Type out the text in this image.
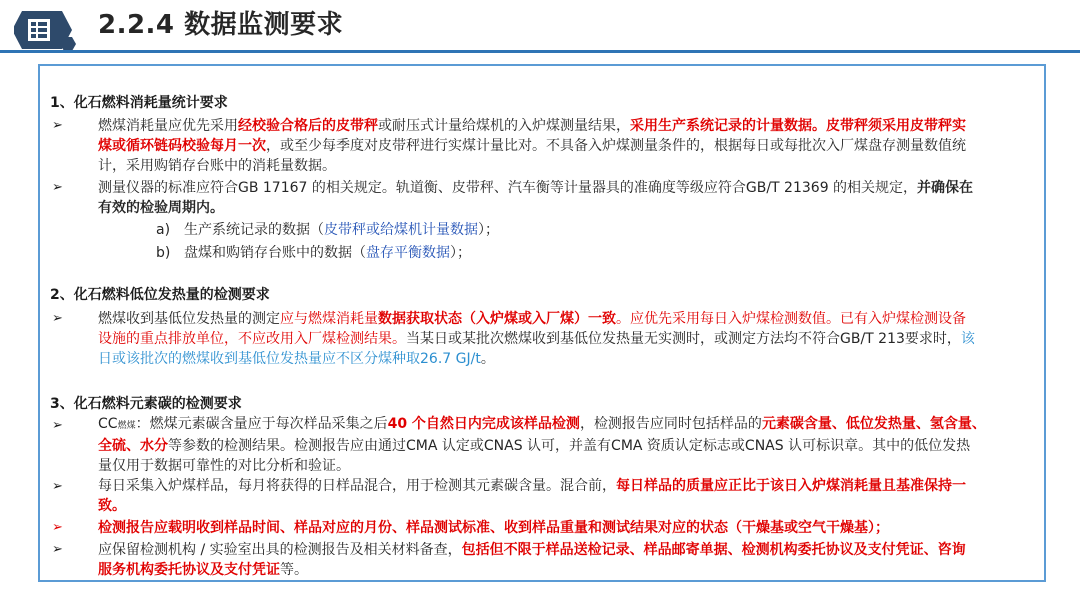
2.2.4 数据监测要求
1、化石燃料消耗量统计要求
➢	燃煤消耗量应优先采用经校验合格后的皮带秤或耐压式计量给煤机的入炉煤测量结果，采用生产系统记录的计量数据。皮带秤须采用皮带秤实
煤或循环链码校验每月一次，或至少每季度对皮带秤进行实煤计量比对。不具备入炉煤测量条件的，根据每日或每批次入厂煤盘存测量数值统
计，采用购销存台账中的消耗量数据。
➢	测量仪器的标准应符合GB 17167 的相关规定。轨道衡、皮带秤、汽车衡等计量器具的准确度等级应符合GB/T 21369 的相关规定，并确保在
有效的检验周期内。
a) 生产系统记录的数据（皮带秤或给煤机计量数据）；
b) 盘煤和购销存台账中的数据（盘存平衡数据）；
2、化石燃料低位发热量的检测要求
➢	燃煤收到基低位发热量的测定应与燃煤消耗量数据获取状态（入炉煤或入厂煤）一致。应优先采用每日入炉煤检测数值。已有入炉煤检测设备
设施的重点排放单位，不应改用入厂煤检测结果。当某日或某批次燃煤收到基低位发热量无实测时，或测定方法均不符合GB/T 213要求时，该
日或该批次的燃煤收到基低位发热量应不区分煤种取26.7 GJ/t。
3、化石燃料元素碳的检测要求
➢	CC燃煤：燃煤元素碳含量应于每次样品采集之后40 个自然日内完成该样品检测，检测报告应同时包括样品的元素碳含量、低位发热量、氢含量、
全硫、水分等参数的检测结果。检测报告应由通过CMA 认定或CNAS 认可，并盖有CMA 资质认定标志或CNAS 认可标识章。其中的低位发热
量仅用于数据可靠性的对比分析和验证。
➢	每日采集入炉煤样品，每月将获得的日样品混合，用于检测其元素碳含量。混合前，每日样品的质量应正比于该日入炉煤消耗量且基准保持一
致。
➢	检测报告应载明收到样品时间、样品对应的月份、样品测试标准、收到样品重量和测试结果对应的状态（干燥基或空气干燥基）；
➢	应保留检测机构 / 实验室出具的检测报告及相关材料备查，包括但不限于样品送检记录、样品邮寄单据、检测机构委托协议及支付凭证、咨询
服务机构委托协议及支付凭证等。
